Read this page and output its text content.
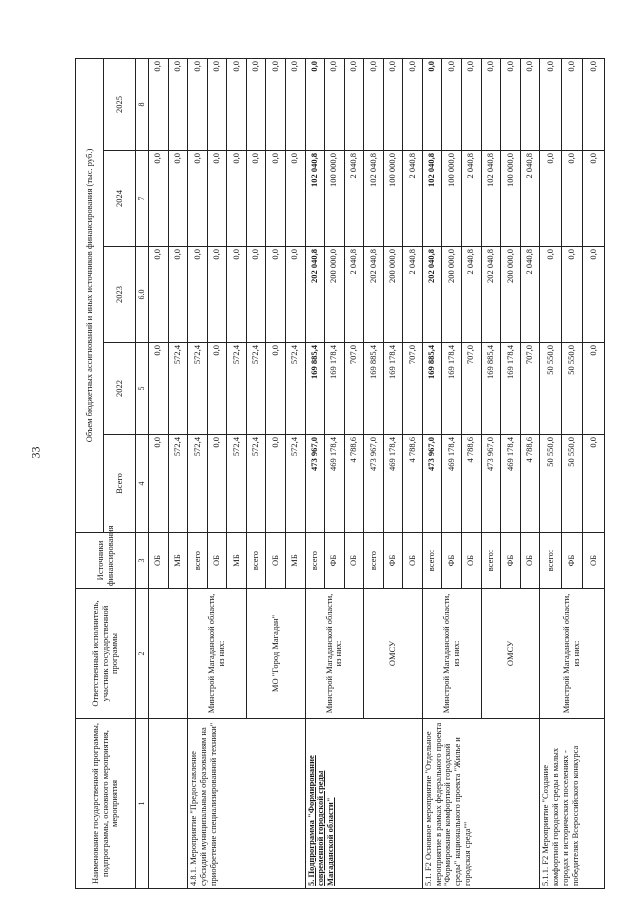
33
Наименование государственной программы, подпрограммы, основного мероприятия, мероприятия	Ответственный исполнитель, участник государственной программы	Источники финансирования	Объем бюджетных ассигнований и иных источников финансирования (тыс. руб.)				
			Всего	2022	2023	2024	2025
1	2	3	4	5	6.0	7	8
		ОБ	0,0	0,0	0,0	0,0	0,0
		МБ	572,4	572,4	0,0	0,0	0,0
4.8.1. Мероприятие "Предоставление субсидий муниципальным образованиям на приобретение специализированной техники"	Минстрой Магаданской области, из них:	всего	572,4	572,4	0,0	0,0	0,0
		ОБ	0,0	0,0	0,0	0,0	0,0
		МБ	572,4	572,4	0,0	0,0	0,0
	МО "Город Магадан"	всего	572,4	572,4	0,0	0,0	0,0
		ОБ	0,0	0,0	0,0	0,0	0,0
		МБ	572,4	572,4	0,0	0,0	0,0
5. Подпрограмма "Формирование современной городской среды Магаданской области"	Минстрой Магаданской области, из них:	всего	473 967,0	169 885,4	202 040,8	102 040,8	0,0
		ФБ	469 178,4	169 178,4	200 000,0	100 000,0	0,0
		ОБ	4 788,6	707,0	2 040,8	2 040,8	0,0
	ОМСУ	всего	473 967,0	169 885,4	202 040,8	102 040,8	0,0
		ФБ	469 178,4	169 178,4	200 000,0	100 000,0	0,0
		ОБ	4 788,6	707,0	2 040,8	2 040,8	0,0
5.1. F2 Основное мероприятие "Отдельное мероприятие в рамках федерального проекта "Формирование комфортной городской среды" национального проекта "Жилье и городская среда""	Минстрой Магаданской области, из них:	всего:	473 967,0	169 885,4	202 040,8	102 040,8	0,0
		ФБ	469 178,4	169 178,4	200 000,0	100 000,0	0,0
		ОБ	4 788,6	707,0	2 040,8	2 040,8	0,0
	ОМСУ	всего:	473 967,0	169 885,4	202 040,8	102 040,8	0,0
		ФБ	469 178,4	169 178,4	200 000,0	100 000,0	0,0
		ОБ	4 788,6	707,0	2 040,8	2 040,8	0,0
5.1.1. F2 Мероприятие "Создание комфортной городской среды в малых городах и исторических поселениях - победителях Всероссийского конкурса	Минстрой Магаданской области, из них:	всего:	50 550,0	50 550,0	0,0	0,0	0,0
		ФБ	50 550,0	50 550,0	0,0	0,0	0,0
		ОБ	0,0	0,0	0,0	0,0	0,0
